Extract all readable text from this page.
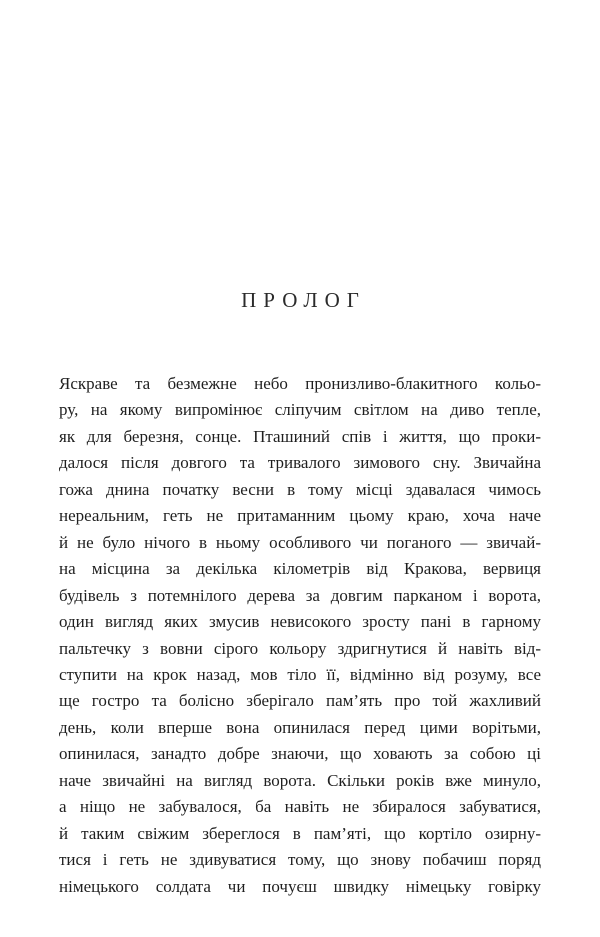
ПРОЛОГ
Яскраве та безмежне небо пронизливо-блакитного кольо-
ру, на якому випромінює сліпучим світлом на диво тепле,
як для березня, сонце. Пташиний спів і життя, що проки-
далося після довгого та тривалого зимового сну. Звичайна
гожа днина початку весни в тому місці здавалася чимось
нереальним, геть не притаманним цьому краю, хоча наче
й не було нічого в ньому особливого чи поганого — звичай-
на місцина за декілька кілометрів від Кракова, вервиця
будівель з потемнілого дерева за довгим парканом і ворота,
один вигляд яких змусив невисокого зросту пані в гарному
пальтечку з вовни сірого кольору здригнутися й навіть від-
ступити на крок назад, мов тіло її, відмінно від розуму, все
ще гостро та болісно зберігало пам’ять про той жахливий
день, коли вперше вона опинилася перед цими ворітьми,
опинилася, занадто добре знаючи, що ховають за собою ці
наче звичайні на вигляд ворота. Скільки років вже минуло,
а ніщо не забувалося, ба навіть не збиралося забуватися,
й таким свіжим збереглося в пам’яті, що кортіло озирну-
тися і геть не здивуватися тому, що знову побачиш поряд
німецького солдата чи почуєш швидку німецьку говірку
